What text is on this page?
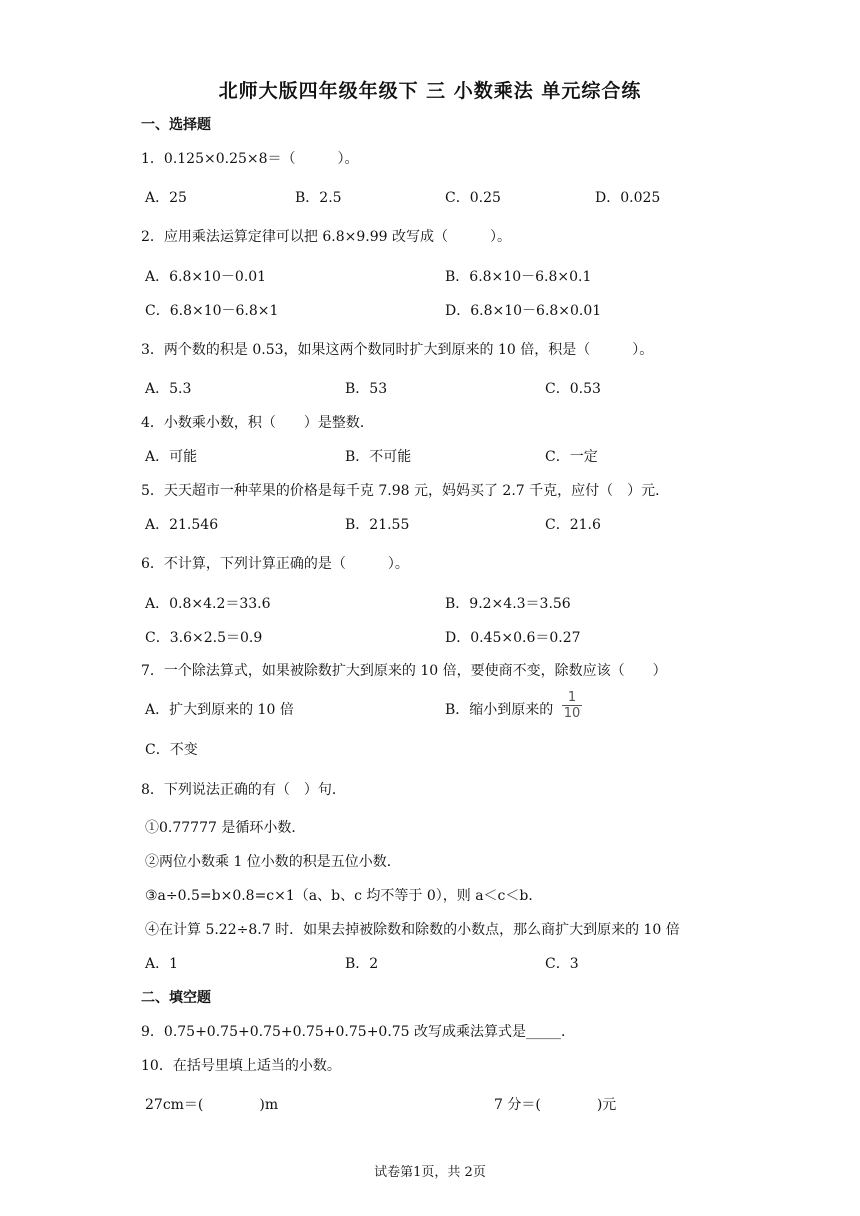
北师大版四年级年级下 三 小数乘法 单元综合练
一、选择题
1．0.125×0.25×8＝（　　　）。
A．25	B．2.5	C．0.25	D．0.025
2．应用乘法运算定律可以把 6.8×9.99 改写成（　　　）。
A．6.8×10－0.01	B．6.8×10－6.8×0.1
C．6.8×10－6.8×1	D．6.8×10－6.8×0.01
3．两个数的积是 0.53，如果这两个数同时扩大到原来的 10 倍，积是（　　　）。
A．5.3	B．53	C．0.53
4．小数乘小数，积（　　）是整数．
A．可能	B．不可能	C．一定
5．天天超市一种苹果的价格是每千克 7.98 元，妈妈买了 2.7 千克，应付（　）元．
A．21.546	B．21.55	C．21.6
6．不计算，下列计算正确的是（　　　）。
A．0.8×4.2＝33.6	B．9.2×4.3＝3.56
C．3.6×2.5＝0.9	D．0.45×0.6＝0.27
7．一个除法算式，如果被除数扩大到原来的 10 倍，要使商不变，除数应该（　　）
A．扩大到原来的 10 倍	B．缩小到原来的
1
10
C．不变
8．下列说法正确的有（　）句．
①0.77777 是循环小数．
②两位小数乘 1 位小数的积是五位小数．
③a÷0.5=b×0.8=c×1（a、b、c 均不等于 0），则 a＜c＜b．
④在计算 5.22÷8.7 时．如果去掉被除数和除数的小数点，那么商扩大到原来的 10 倍
A．1	B．2	C．3
二、填空题
9．0.75+0.75+0.75+0.75+0.75+0.75 改写成乘法算式是_____．
10．在括号里填上适当的小数。
27cm＝(　　　　)m	7 分＝(　　　　)元
试卷第1页，共 2页
